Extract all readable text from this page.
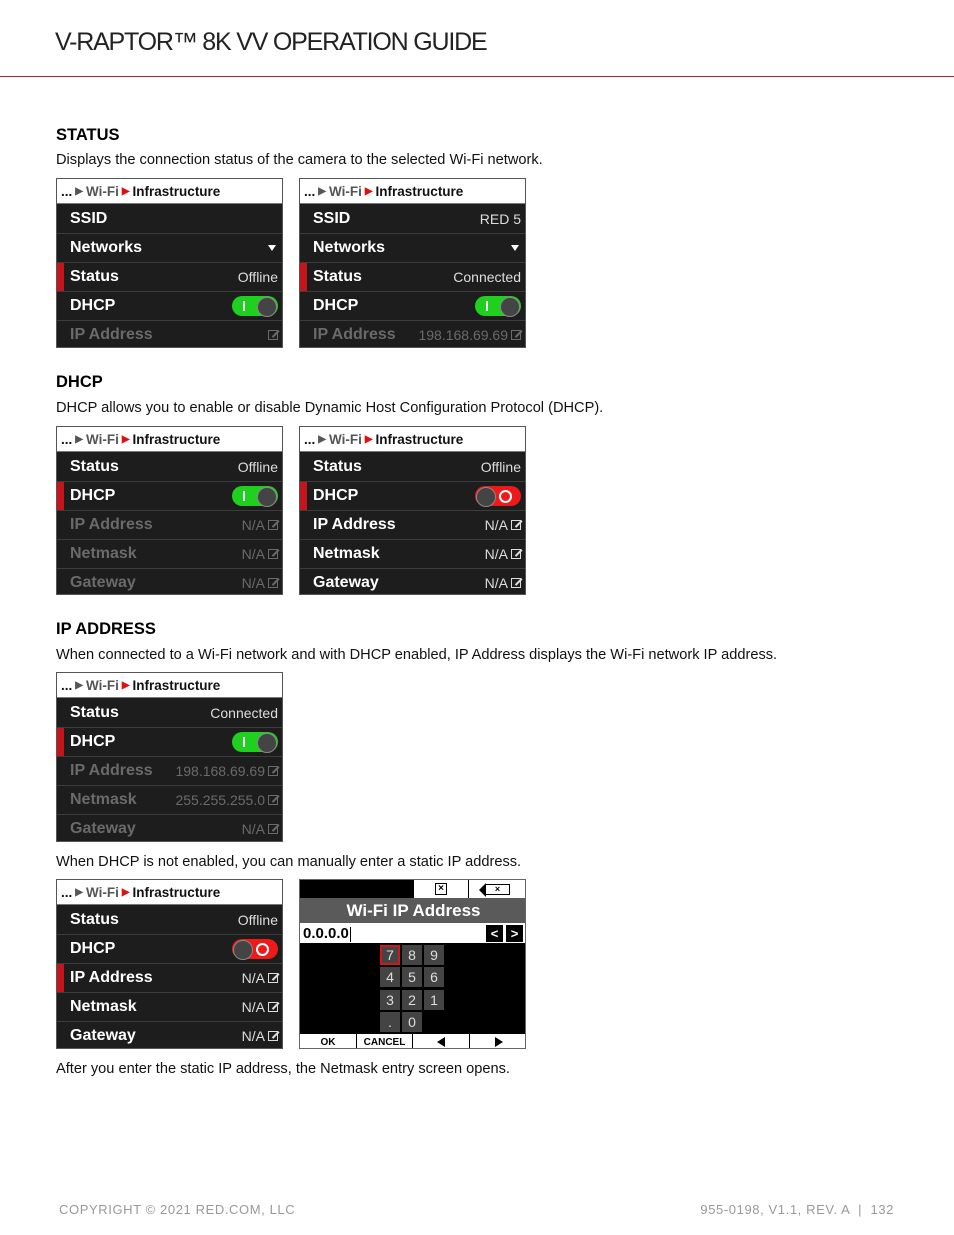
V-RAPTOR™ 8K VV OPERATION GUIDE
STATUS
Displays the connection status of the camera to the selected Wi-Fi network.
... ▶ Wi-Fi ▶ Infrastructure
SSID
Networks
Status	Offline
DHCP
IP Address
... ▶ Wi-Fi ▶ Infrastructure
SSID	RED 5
Networks
Status	Connected
DHCP
IP Address 198.168.69.69
DHCP
DHCP allows you to enable or disable Dynamic Host Configuration Protocol (DHCP).
... ▶ Wi-Fi ▶ Infrastructure
Status	Offline
DHCP
IP Address	N/A
Netmask	N/A
Gateway	N/A
... ▶ Wi-Fi ▶ Infrastructure
Status	Offline
DHCP
IP Address	N/A
Netmask	N/A
Gateway	N/A
IP ADDRESS
When connected to a Wi-Fi network and with DHCP enabled, IP Address displays the Wi-Fi network IP address.
... ▶ Wi-Fi ▶ Infrastructure
Status	Connected
DHCP
IP Address 198.168.69.69
Netmask	255.255.255.0
Gateway	N/A
When DHCP is not enabled, you can manually enter a static IP address.
... ▶ Wi-Fi ▶ Infrastructure
Status	Offline
DHCP
IP Address	N/A
Netmask	N/A
Gateway	N/A
×	×
Wi-Fi IP Address
0.0.0.0	< >
7	8	9
4	5	6
3	2	1
.	0
OK	CANCEL
After you enter the static IP address, the Netmask entry screen opens.
COPYRIGHT © 2021 RED.COM, LLC	955-0198, V1.1, REV. A  |  132
